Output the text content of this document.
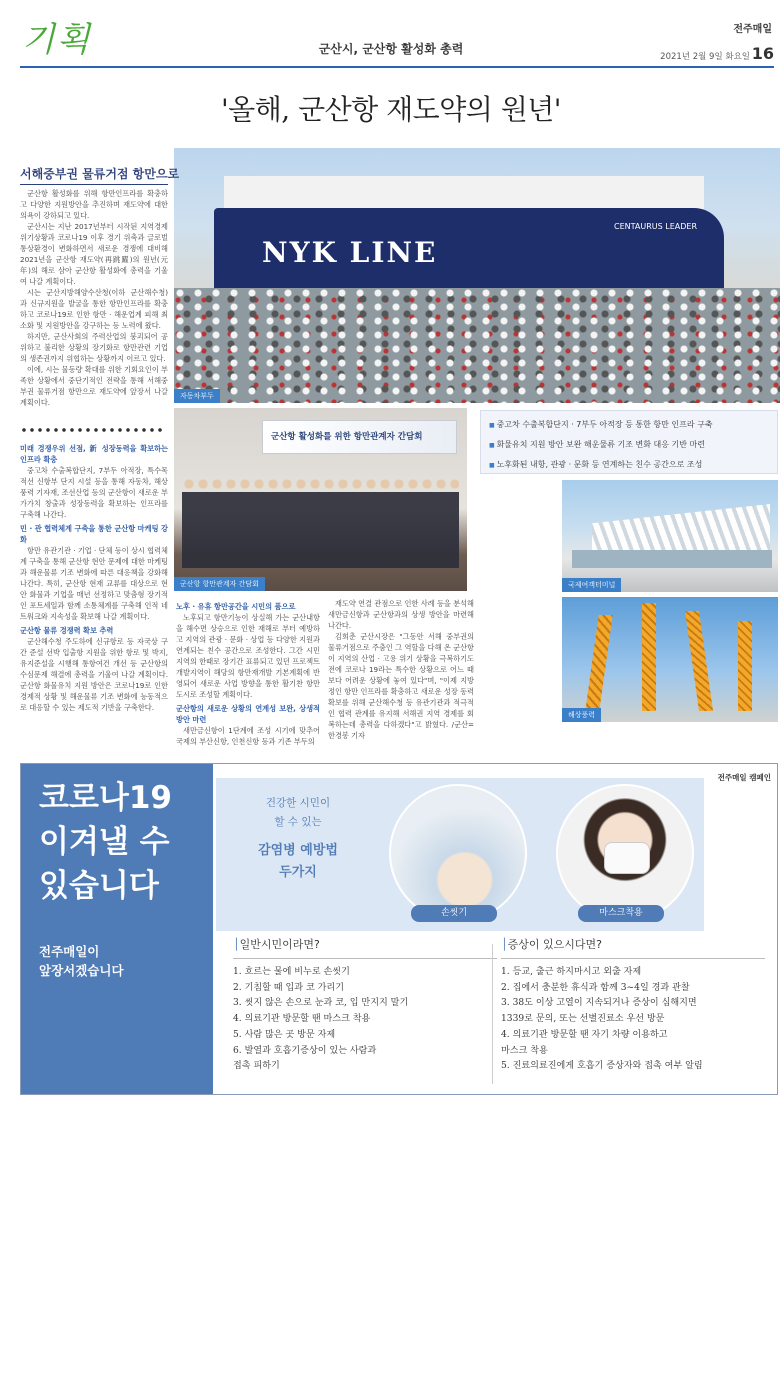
기획	군산시, 군산항 활성화 총력
전주매일
2021년 2월 9일 화요일 16
'올해, 군산항 재도약의 원년'
NYK LINE
CENTAURUS LEADER
자동차부두
군산항 활성화를 위한 항만관계자 간담회
군산항 항만관계자 간담회
■ 중고차 수출복합단지 · 7부두 아적장 등 통한 항만 인프라 구축
■ 화물유치 지원 방안 보완 해운물류 기조 변화 대응 기반 마련
■ 노후화된 내항, 관광 · 문화 등 연계하는 친수 공간으로 조성
국제여객터미널
해상풍력
서해중부권 물류거점 항만으로

군산항 활성화를 위해 항만인프라를 확충하고 다양한 지원방안을 추진하며 재도약에 대한 의욕이 강하되고 있다.

군산시는 지난 2017년부터 시작된 지역경제 위기상황과 코로나19 이후 경기 위축과 글로벌 통상환경이 변화하면서 새로운 경쟁에 대비해 2021년을 군산항 재도약(再跳躍)의 원년(元年)의 해로 삼아 군산항 활성화에 총력을 기울여 나갈 계획이다.

시는 군산지방해양수산청(이하 군산해수청)과 신규지원을 발굴을 통한 항만인프라를 확충하고 코로나19로 인한 항만 · 해운업계 피해 최소화 및 지원방안을 강구하는 등 노력에 왔다.

하지만, 군산사회의 주력산업의 붕괴되어 공위하고 불리한 상황의 장기화로 항만관련 기업의 생존권까지 위협하는 상황까지 이르고 있다.

이에, 시는 물동량 확대를 위한 기회요인이 부족한 상황에서 중단기적인 전략을 통해 서해중부권 물류거점 항만으로 재도약에 앞장서 나갈 계획이다.

미래 경쟁우위 선점, 新 성장동력을 확보하는 인프라 확충

중고차 수출복합단지, 7부두 아적장, 특수목적선 신항부 단지 시설 등을 통해 자동차, 해상풍력 기자재, 조선산업 등의 군산항이 새로운 부가가치 창출과 성장동력을 확보하는 인프라를 구축해 나간다.

민 · 관 협력체계 구축을 통한 군산항 마케팅 강화

항만 유관기관 · 기업 · 단체 등이 상시 협력체계 구축을 통해 군산항 현안 문제에 대한 마케팅과 해운물류 기조 변화에 따른 대응책을 강화해 나간다. 특히, 군산항 현재 교류를 대상으로 현안 화물과 기업을 매년 선정하고 맞춤형 장기적인 포트세일과 함께 소통체계를 구축해 인적 네트워크와 지속성을 확보해 나갈 계획이다.

군산항 물류 경쟁력 확보 추력

군산해수청 주도하에 신규항로 등 자국상 구간 준설 선박 입출항 지원을 위한 항로 및 박지, 유지준설을 시행해 통항여건 개선 등 군산항의 수심문제 해결에 총력을 기울여 나갈 계획이다. 군산항 화물유치 지원 방안은 코로나19로 인한 경제적 상황 및 해운물류 기조 변화에 능동적으로 대응할 수 있는 제도적 기반을 구축한다.

노후 · 유휴 항만공간을 시민의 품으로

노후되고 항만기능이 상실해 가는 군산내항을 해수면 상승으로 인한 재해로 부터 예방하고 지역의 관광 · 문화 · 상업 등 다양한 지원과 연계되는 친수 공간으로 조성한다. 그간 시민 지역의 한때로 장기간 표류되고 있던 프로젝트 개발지역이 해당의 항만재개발 기본계획에 반영되어 새로운 사업 방향을 통한 활기찬 항만도시로 조성할 계획이다.

군산항의 새로운 상황의 연계성 보완, 상생적 방안 마련

새만금신항이 1단계에 조성 시기에 맞추어 국제의 부산신항, 인천신항 등과 기존 부두의

재도약 연결 관점으로 인한 사례 등을 분석해 새만금신항과 군산항과의 상생 방안을 마련해 나간다.

김희춘 군산시장은 "그동안 서해 중부권의 물류거점으로 주춤인 그 역할을 다해 온 군산항이 지역의 산업 · 고용 위기 상황을 극복하기도 전에 코로나 19라는 특수한 상황으로 어느 때보다 어려운 상황에 놓여 있다"며, "이제 지방정인 항만 인프라를 확충하고 새로운 성장 동력 확보를 위해 군산해수청 등 유관기관과 적극적인 협력 관계를 유지해 서해권 지역 경제를 회복하는데 총력을 다하겠다"고 밝혔다. /군산=한경봉 기자

코로나19
이겨낼 수
있습니다
전주매일이
앞장서겠습니다
자료: 질병관리청
전주매일 캠페인
건강한 시민이
할 수 있는
감염병 예방법
두가지
손씻기	마스크착용
│ 일반시민이라면?
1. 흐르는 물에 비누로 손씻기
2. 기침할 때 입과 코 가리기
3. 씻지 않은 손으로 눈과 코, 입 만지지 말기
4. 의료기관 방문할 땐 마스크 착용
5. 사람 많은 곳 방문 자제
6. 발열과 호흡기증상이 있는 사람과
접촉 피하기
│ 증상이 있으시다면?
1. 등교, 출근 하지마시고 외출 자제
2. 집에서 충분한 휴식과 함께 3~4일 경과 관찰
3. 38도 이상 고열이 지속되거나 증상이 심해지면
1339로 문의, 또는 선별진료소 우선 방문
4. 의료기관 방문할 땐 자기 차량 이용하고
마스크 착용
5. 진료의료진에게 호흡기 증상자와 접촉 여부 알림
